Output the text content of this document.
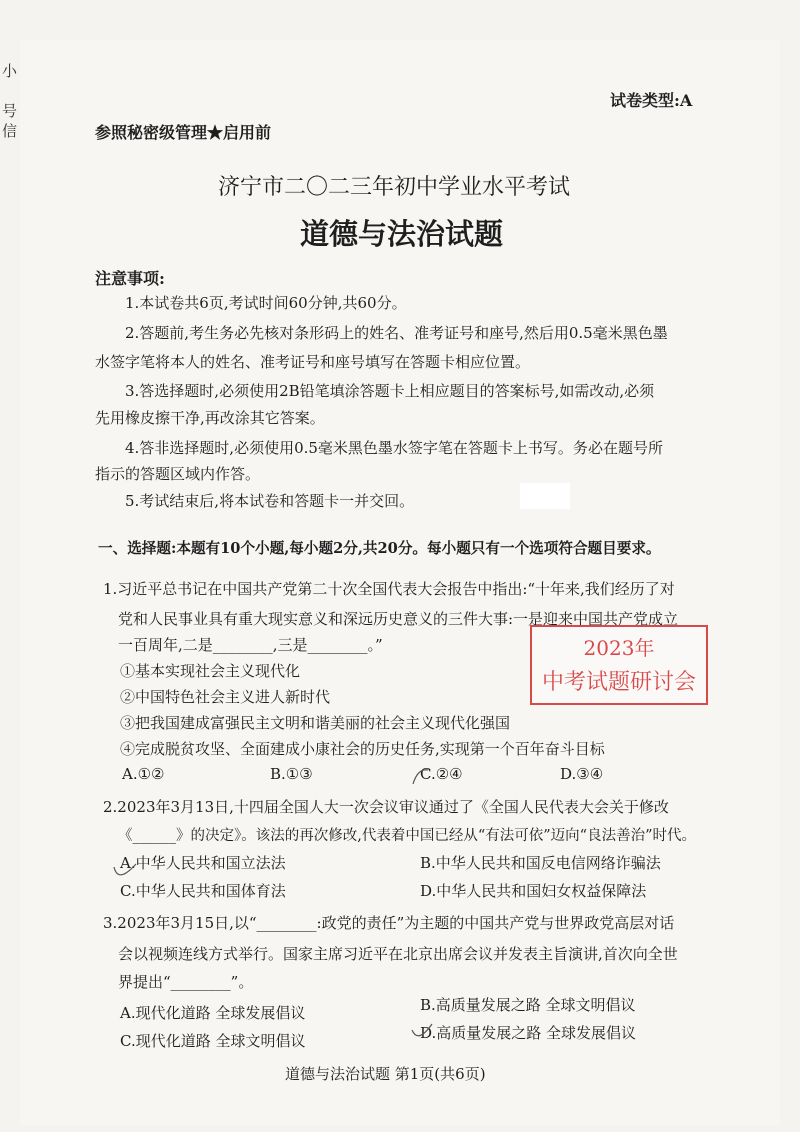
小
号
信
试卷类型:A
参照秘密级管理★启用前
济宁市二〇二三年初中学业水平考试
道德与法治试题
注意事项:
1.本试卷共6页,考试时间60分钟,共60分。
2.答题前,考生务必先核对条形码上的姓名、准考证号和座号,然后用0.5毫米黑色墨
水签字笔将本人的姓名、准考证号和座号填写在答题卡相应位置。
3.答选择题时,必须使用2B铅笔填涂答题卡上相应题目的答案标号,如需改动,必须
先用橡皮擦干净,再改涂其它答案。
4.答非选择题时,必须使用0.5毫米黑色墨水签字笔在答题卡上书写。务必在题号所
指示的答题区域内作答。
5.考试结束后,将本试卷和答题卡一并交回。
一、选择题:本题有10个小题,每小题2分,共20分。每小题只有一个选项符合题目要求。
1.习近平总书记在中国共产党第二十次全国代表大会报告中指出:“十年来,我们经历了对
党和人民事业具有重大现实意义和深远历史意义的三件大事:一是迎来中国共产党成立
一百周年,二是________,三是________。”
①基本实现社会主义现代化
②中国特色社会主义进人新时代
③把我国建成富强民主文明和谐美丽的社会主义现代化强国
④完成脱贫攻坚、全面建成小康社会的历史任务,实现第一个百年奋斗目标
A.①②	B.①③	C.②④	D.③④
2023年
中考试题研讨会
2.2023年3月13日,十四届全国人大一次会议审议通过了《全国人民代表大会关于修改
《______》的决定》。该法的再次修改,代表着中国已经从“有法可依”迈向“良法善治”时代。
A.中华人民共和国立法法	B.中华人民共和国反电信网络诈骗法
C.中华人民共和国体育法	D.中华人民共和国妇女权益保障法
3.2023年3月15日,以“________:政党的责任”为主题的中国共产党与世界政党高层对话
会以视频连线方式举行。国家主席习近平在北京出席会议并发表主旨演讲,首次向全世
界提出“________”。
A.现代化道路 全球发展倡议	B.高质量发展之路 全球文明倡议
C.现代化道路 全球文明倡议	D.高质量发展之路 全球发展倡议
道德与法治试题 第1页(共6页)
